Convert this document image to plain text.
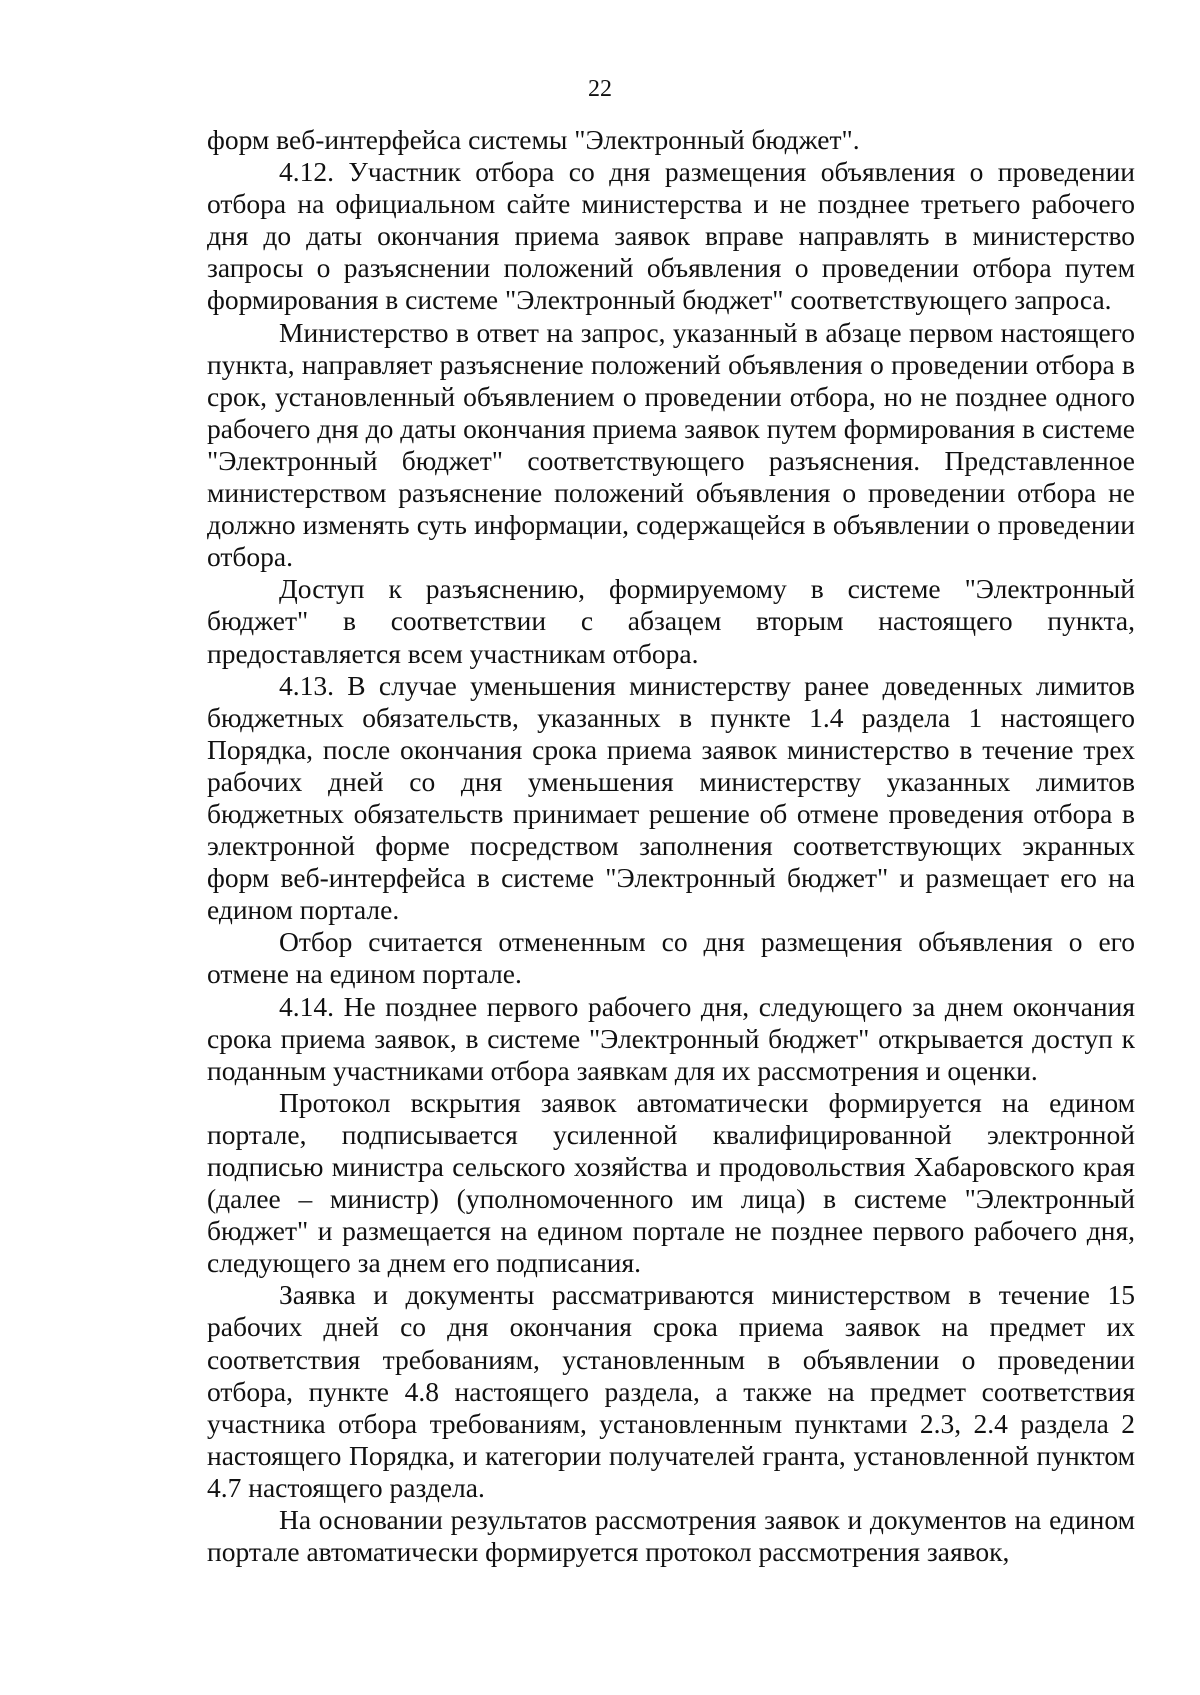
22

форм веб-интерфейса системы "Электронный бюджет".

4.12. Участник отбора со дня размещения объявления о проведении отбора на официальном сайте министерства и не позднее третьего рабочего дня до даты окончания приема заявок вправе направлять в министерство запросы о разъяснении положений объявления о проведении отбора путем формирования в системе "Электронный бюджет" соответствующего запроса.

Министерство в ответ на запрос, указанный в абзаце первом настоящего пункта, направляет разъяснение положений объявления о проведении отбора в срок, установленный объявлением о проведении отбора, но не позднее одного рабочего дня до даты окончания приема заявок путем формирования в системе "Электронный бюджет" соответствующего разъяснения. Представленное министерством разъяснение положений объявления о проведении отбора не должно изменять суть информации, содержащейся в объявлении о проведении отбора.

Доступ к разъяснению, формируемому в системе "Электронный бюджет" в соответствии с абзацем вторым настоящего пункта, предоставляется всем участникам отбора.

4.13. В случае уменьшения министерству ранее доведенных лимитов бюджетных обязательств, указанных в пункте 1.4 раздела 1 настоящего Порядка, после окончания срока приема заявок министерство в течение трех рабочих дней со дня уменьшения министерству указанных лимитов бюджетных обязательств принимает решение об отмене проведения отбора в электронной форме посредством заполнения соответствующих экранных форм веб-интерфейса в системе "Электронный бюджет" и размещает его на едином портале.

Отбор считается отмененным со дня размещения объявления о его отмене на едином портале.

4.14. Не позднее первого рабочего дня, следующего за днем окончания срока приема заявок, в системе "Электронный бюджет" открывается доступ к поданным участниками отбора заявкам для их рассмотрения и оценки.

Протокол вскрытия заявок автоматически формируется на едином портале, подписывается усиленной квалифицированной электронной подписью министра сельского хозяйства и продовольствия Хабаровского края (далее – министр) (уполномоченного им лица) в системе "Электронный бюджет" и размещается на едином портале не позднее первого рабочего дня, следующего за днем его подписания.

Заявка и документы рассматриваются министерством в течение 15 рабочих дней со дня окончания срока приема заявок на предмет их соответствия требованиям, установленным в объявлении о проведении отбора, пункте 4.8 настоящего раздела, а также на предмет соответствия участника отбора требованиям, установленным пунктами 2.3, 2.4 раздела 2 настоящего Порядка, и категории получателей гранта, установленной пунктом 4.7 настоящего раздела.

На основании результатов рассмотрения заявок и документов на едином портале автоматически формируется протокол рассмотрения заявок,
